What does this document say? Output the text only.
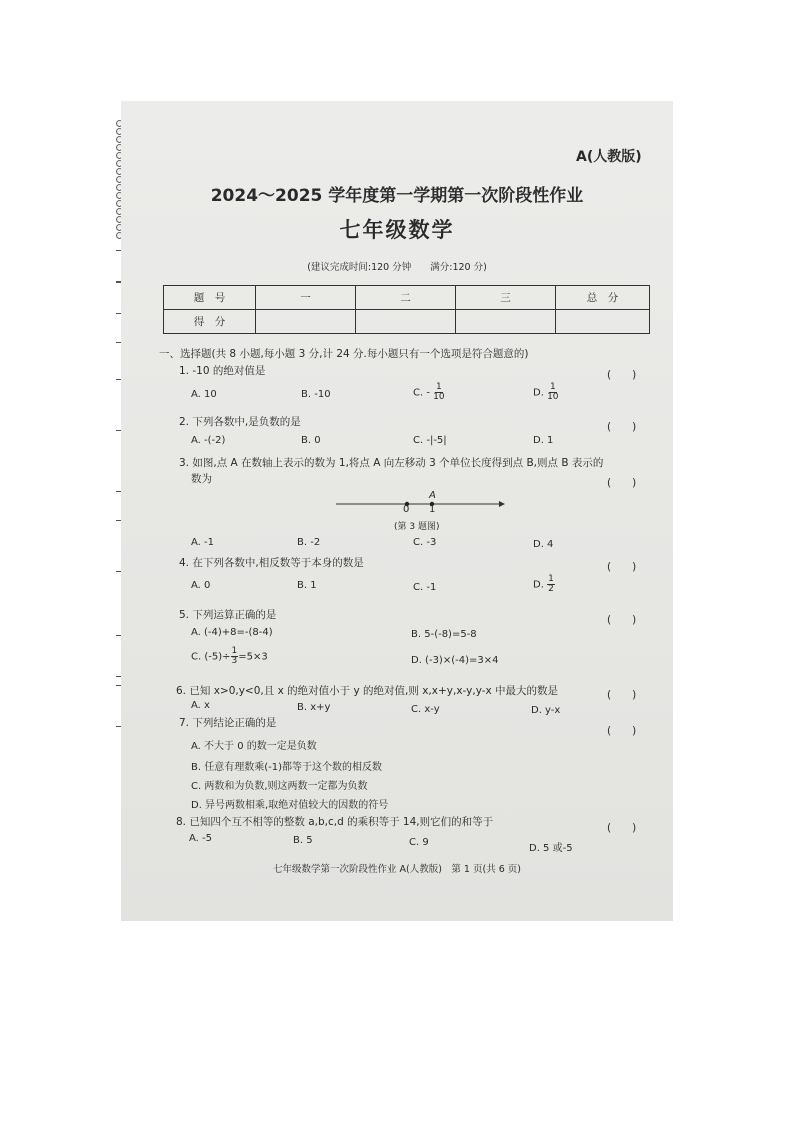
A(人教版)
2024～2025 学年度第一学期第一次阶段性作业
七年级数学
(建议完成时间:120 分钟　　满分:120 分)
题　号	一	二	三	总　分
得　分				
一、选择题(共 8 小题,每小题 3 分,计 24 分.每小题只有一个选项是符合题意的)
1. -10 的绝对值是	(　　)
A. 10	B. -10	C. - $\frac{1}{10}$	D. $\frac{1}{10}$
2. 下列各数中,是负数的是	(　　)
A. -(-2)	B. 0	C. -|-5|	D. 1
3. 如图,点 A 在数轴上表示的数为 1,将点 A 向左移动 3 个单位长度得到点 B,则点 B 表示的
数为	(　　)
0 1
A
(第 3 题图)
A. -1	B. -2	C. -3	D. 4
4. 在下列各数中,相反数等于本身的数是	(　　)
A. 0	B. 1	C. -1	D. $\frac{1}{2}$
5. 下列运算正确的是	(　　)
A. (-4)+8=-(8-4)	B. 5-(-8)=5-8
C. $(-5)\div \frac{1}{3} =5\times 3$	D. (-3)×(-4)=3×4
6. 已知 x>0,y<0,且 x 的绝对值小于 y 的绝对值,则 x,x+y,x-y,y-x 中最大的数是	(　　)
A. x	B. x+y	C. x-y	D. y-x
7. 下列结论正确的是
(　　)
A. 不大于 0 的数一定是负数
B. 任意有理数乘(-1)都等于这个数的相反数
C. 两数和为负数,则这两数一定都为负数
D. 异号两数相乘,取绝对值较大的因数的符号
8. 已知四个互不相等的整数 a,b,c,d 的乘积等于 14,则它们的和等于	(　　)
A. -5	B. 5	C. 9
D. 5 或-5
七年级数学第一次阶段性作业 A(人教版)　第 1 页(共 6 页)
